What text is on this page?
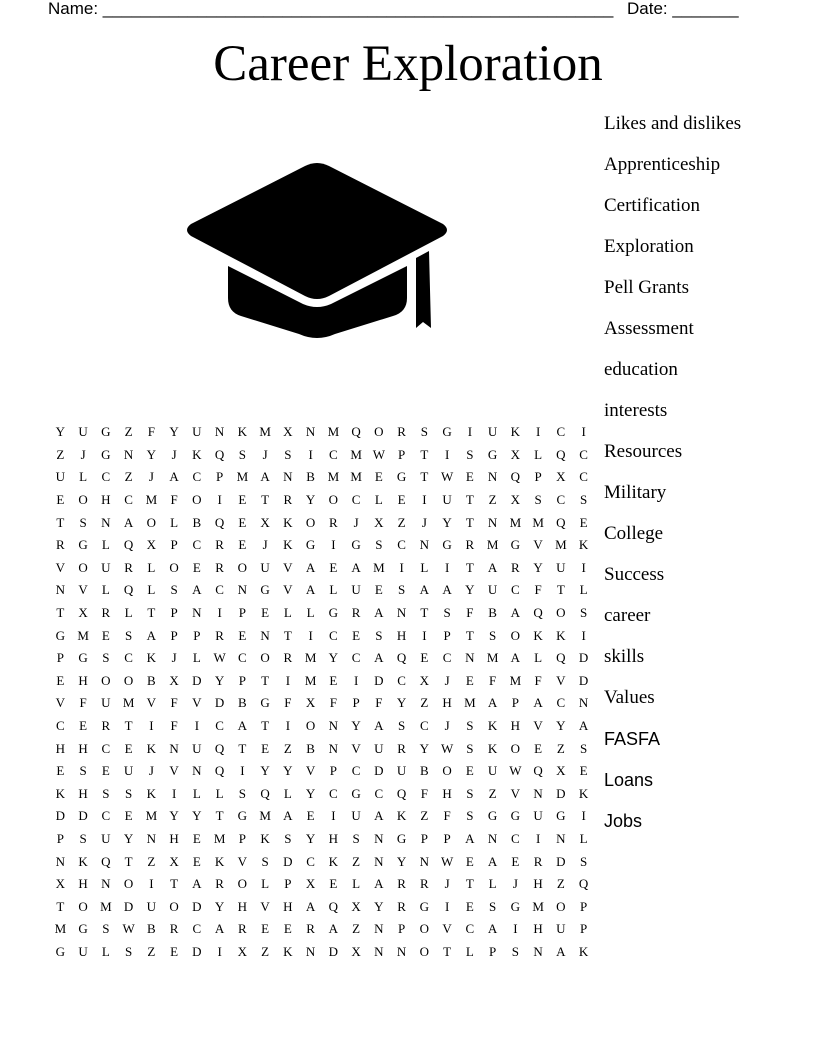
Name: ______________________________________________________ Date: _______
Career Exploration
Likes and dislikes
Apprenticeship
Certification
Exploration
Pell Grants
Assessment
education
interests
Resources
Military
College
Success
career
skills
Values
FASFA
Loans
Jobs
Y	U	G	Z	F	Y	U	N	K	M	X	N	M	Q	O	R	S	G	I	U	K	I	C	I
Z	J	G	N	Y	J	K	Q	S	J	S	I	C	M	W	P	T	I	S	G	X	L	Q	C
U	L	C	Z	J	A	C	P	M	A	N	B	M	M	E	G	T	W	E	N	Q	P	X	C
E	O	H	C	M	F	O	I	E	T	R	Y	O	C	L	E	I	U	T	Z	X	S	C	S
T	S	N	A	O	L	B	Q	E	X	K	O	R	J	X	Z	J	Y	T	N	M	M	Q	E
R	G	L	Q	X	P	C	R	E	J	K	G	I	G	S	C	N	G	R	M	G	V	M	K
V	O	U	R	L	O	E	R	O	U	V	A	E	A	M	I	L	I	T	A	R	Y	U	I
N	V	L	Q	L	S	A	C	N	G	V	A	L	U	E	S	A	A	Y	U	C	F	T	L
T	X	R	L	T	P	N	I	P	E	L	L	G	R	A	N	T	S	F	B	A	Q	O	S
G	M	E	S	A	P	P	R	E	N	T	I	C	E	S	H	I	P	T	S	O	K	K	I
P	G	S	C	K	J	L	W	C	O	R	M	Y	C	A	Q	E	C	N	M	A	L	Q	D
E	H	O	O	B	X	D	Y	P	T	I	M	E	I	D	C	X	J	E	F	M	F	V	D
V	F	U	M	V	F	V	D	B	G	F	X	F	P	F	Y	Z	H	M	A	P	A	C	N
C	E	R	T	I	F	I	C	A	T	I	O	N	Y	A	S	C	J	S	K	H	V	Y	A
H	H	C	E	K	N	U	Q	T	E	Z	B	N	V	U	R	Y	W	S	K	O	E	Z	S
E	S	E	U	J	V	N	Q	I	Y	Y	V	P	C	D	U	B	O	E	U	W	Q	X	E
K	H	S	S	K	I	L	L	S	Q	L	Y	C	G	C	Q	F	H	S	Z	V	N	D	K
D	D	C	E	M	Y	Y	T	G	M	A	E	I	U	A	K	Z	F	S	G	G	U	G	I
P	S	U	Y	N	H	E	M	P	K	S	Y	H	S	N	G	P	P	A	N	C	I	N	L
N	K	Q	T	Z	X	E	K	V	S	D	C	K	Z	N	Y	N	W	E	A	E	R	D	S
X	H	N	O	I	T	A	R	O	L	P	X	E	L	A	R	R	J	T	L	J	H	Z	Q
T	O	M	D	U	O	D	Y	H	V	H	A	Q	X	Y	R	G	I	E	S	G	M	O	P
M	G	S	W	B	R	C	A	R	E	E	R	A	Z	N	P	O	V	C	A	I	H	U	P
G	U	L	S	Z	E	D	I	X	Z	K	N	D	X	N	N	O	T	L	P	S	N	A	K
